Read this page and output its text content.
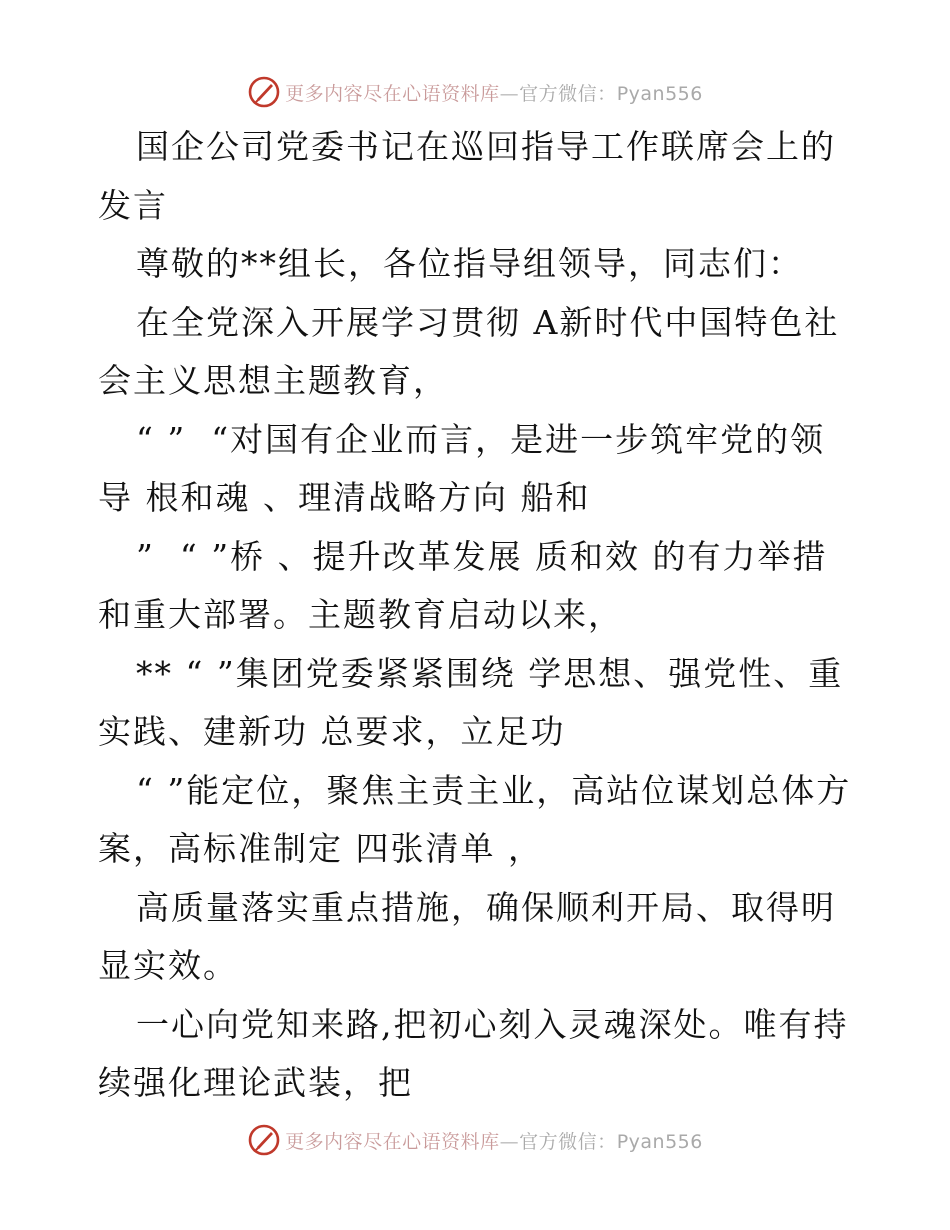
更多内容尽在心语资料库—官方微信：Pyan556

国企公司党委书记在巡回指导工作联席会上的发言

尊敬的**组长，各位指导组领导，同志们：

在全党深入开展学习贯彻 A新时代中国特色社会主义思想主题教育，

“ ”  “对国有企业而言，是进一步筑牢党的领导 根和魂 、理清战略方向 船和

”  “ ”桥 、提升改革发展 质和效 的有力举措和重大部署。主题教育启动以来，

** “ ”集团党委紧紧围绕 学思想、强党性、重实践、建新功 总要求，立足功

“ ”能定位，聚焦主责主业，高站位谋划总体方案，高标准制定 四张清单 ，

高质量落实重点措施，确保顺利开局、取得明显实效。

一心向党知来路,把初心刻入灵魂深处。唯有持续强化理论武装，把

更多内容尽在心语资料库—官方微信：Pyan556
